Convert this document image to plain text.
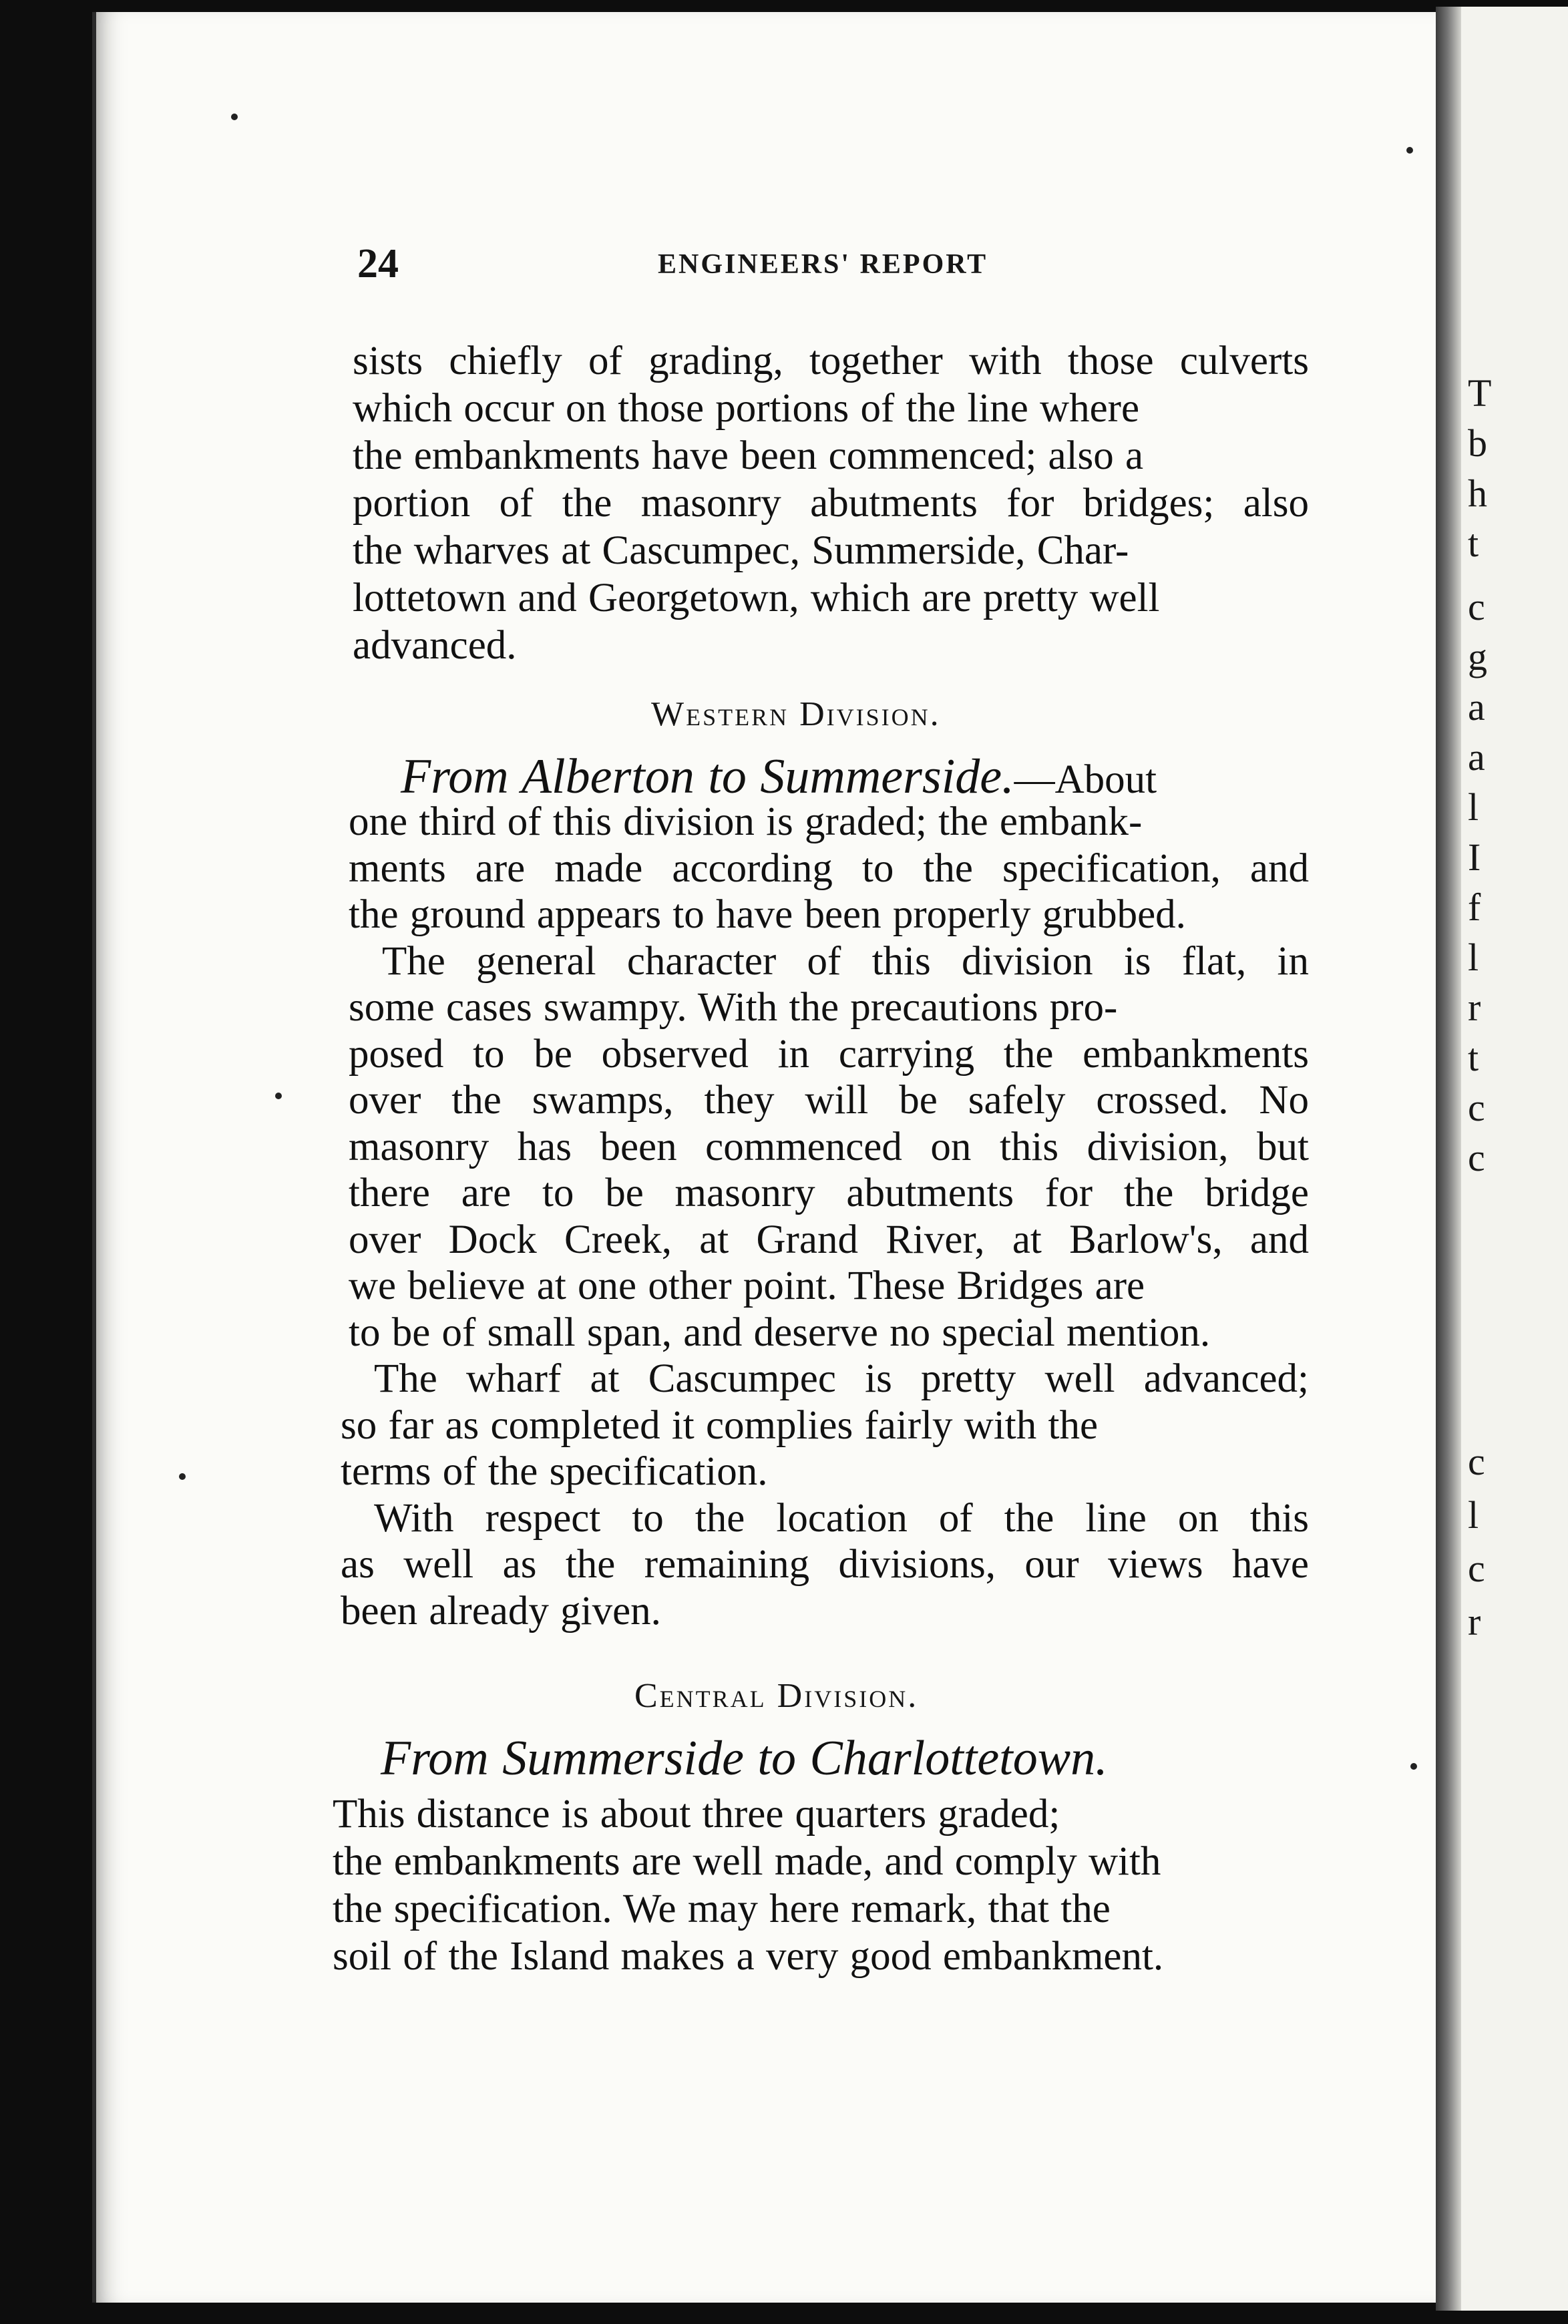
T
b
h
t
c
g
a
a
l
I
f
l
r
t
c
c
c
l
c
r
24	ENGINEERS' REPORT
sists chiefly of grading, together with those culverts
which occur on those portions of the line where
the embankments have been commenced; also a
portion of the masonry abutments for bridges; also
the wharves at Cascumpec, Summerside, Char-
lottetown and Georgetown, which are pretty well
advanced.
Western Division.
From Alberton to Summerside.—About
one third of this division is graded; the embank-
ments are made according to the specification, and
the ground appears to have been properly grubbed.
The general character of this division is flat, in
some cases swampy. With the precautions pro-
posed to be observed in carrying the embankments
over the swamps, they will be safely crossed. No
masonry has been commenced on this division, but
there are to be masonry abutments for the bridge
over Dock Creek, at Grand River, at Barlow's, and
we believe at one other point. These Bridges are
to be of small span, and deserve no special mention.
The wharf at Cascumpec is pretty well advanced;
so far as completed it complies fairly with the
terms of the specification.
With respect to the location of the line on this
as well as the remaining divisions, our views have
been already given.
Central Division.
From Summerside to Charlottetown.
This distance is about three quarters graded;
the embankments are well made, and comply with
the specification. We may here remark, that the
soil of the Island makes a very good embankment.
